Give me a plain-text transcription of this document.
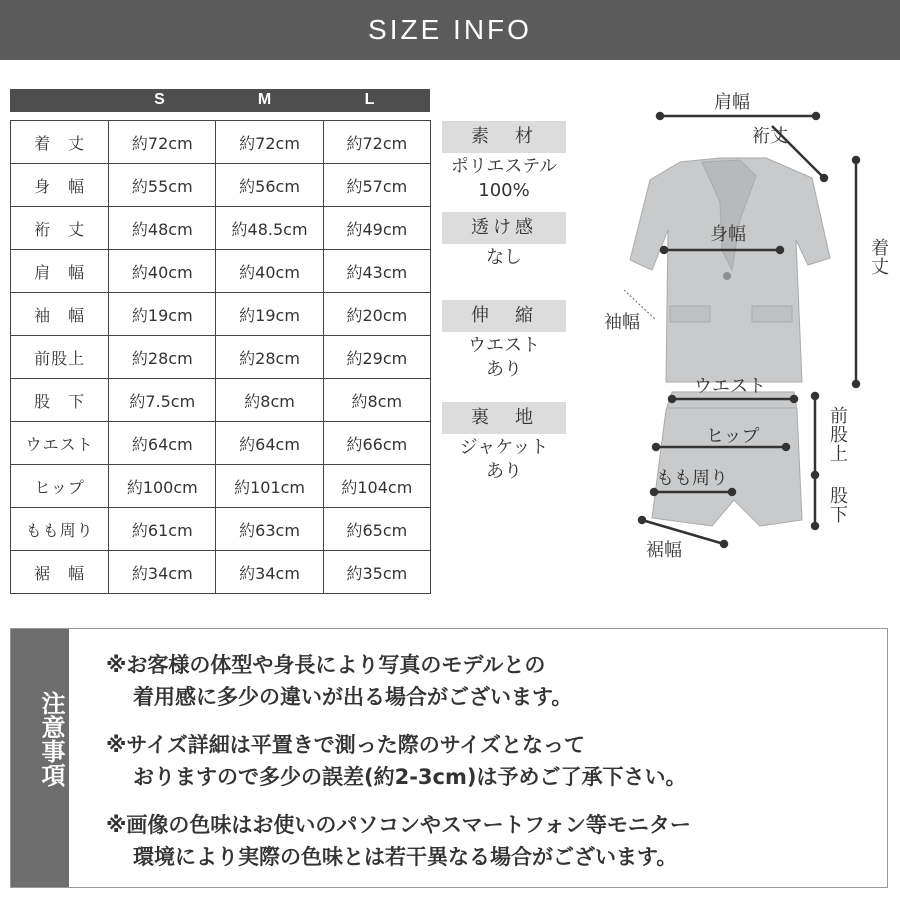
SIZE INFO
S	M	L
着　丈	約72cm	約72cm	約72cm
身　幅	約55cm	約56cm	約57cm
裄　丈	約48cm	約48.5cm	約49cm
肩　幅	約40cm	約40cm	約43cm
袖　幅	約19cm	約19cm	約20cm
前股上	約28cm	約28cm	約29cm
股　下	約7.5cm	約8cm	約8cm
ウエスト	約64cm	約64cm	約66cm
ヒップ	約100cm	約101cm	約104cm
もも周り	約61cm	約63cm	約65cm
裾　幅	約34cm	約34cm	約35cm
素　材
ポリエステル
100%
透け感
なし
伸　縮
ウエスト
あり
裏　地
ジャケット
あり
肩幅
裄丈
着丈
身幅
袖幅
ウエスト
ヒップ
もも周り
前股上
股下
裾幅
注意事項
※お客様の体型や身長により写真のモデルとの
着用感に多少の違いが出る場合がございます。
※サイズ詳細は平置きで測った際のサイズとなって
おりますので多少の誤差(約2-3cm)は予めご了承下さい。
※画像の色味はお使いのパソコンやスマートフォン等モニター
環境により実際の色味とは若干異なる場合がございます。
